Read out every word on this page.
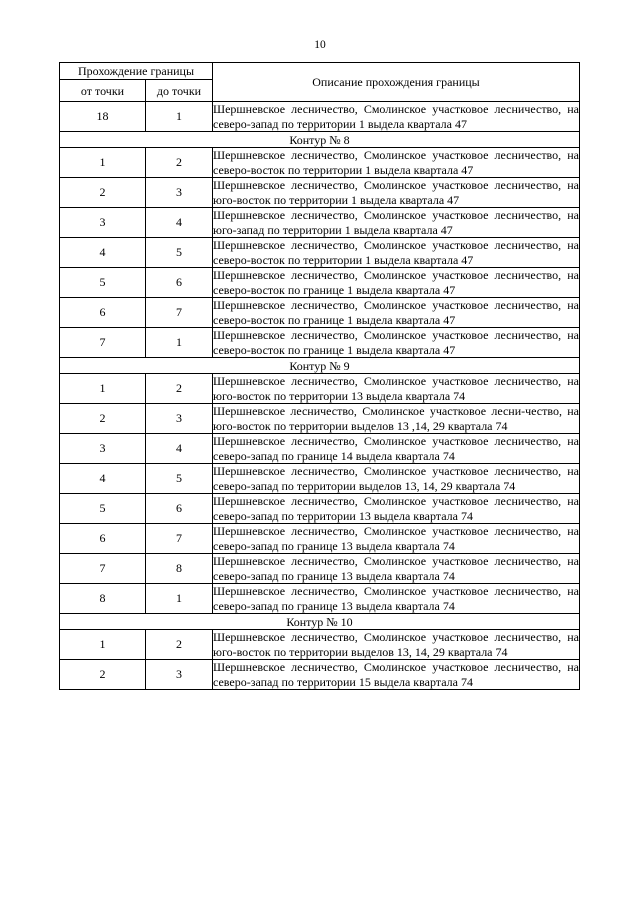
10
Прохождение границы		Описание прохождения границы
от точки	до точки	
18	1	Шершневское лесничество, Смолинское участковое лесничество, на северо-запад по территории 1 выдела квартала 47
Контур № 8		
1	2	Шершневское лесничество, Смолинское участковое лесничество, на северо-восток по территории 1 выдела квартала 47
2	3	Шершневское лесничество, Смолинское участковое лесничество, на юго-восток по территории 1 выдела квартала 47
3	4	Шершневское лесничество, Смолинское участковое лесничество, на юго-запад по территории 1 выдела квартала 47
4	5	Шершневское лесничество, Смолинское участковое лесничество, на северо-восток по территории 1 выдела квартала 47
5	6	Шершневское лесничество, Смолинское участковое лесничество, на северо-восток по границе 1 выдела квартала 47
6	7	Шершневское лесничество, Смолинское участковое лесничество, на северо-восток по границе 1 выдела квартала 47
7	1	Шершневское лесничество, Смолинское участковое лесничество, на северо-восток по границе 1 выдела квартала 47
Контур № 9		
1	2	Шершневское лесничество, Смолинское участковое лесничество, на юго-восток по территории 13 выдела квартала 74
2	3	Шершневское лесничество, Смолинское участковое лесни-чество, на юго-восток по территории выделов 13 ,14, 29 квартала 74
3	4	Шершневское лесничество, Смолинское участковое лесничество, на северо-запад по границе 14 выдела квартала 74
4	5	Шершневское лесничество, Смолинское участковое лесничество, на северо-запад по территории выделов 13, 14, 29 квартала 74
5	6	Шершневское лесничество, Смолинское участковое лесничество, на северо-запад по территории 13 выдела квартала 74
6	7	Шершневское лесничество, Смолинское участковое лесничество, на северо-запад по границе 13 выдела квартала 74
7	8	Шершневское лесничество, Смолинское участковое лесничество, на северо-запад по границе 13 выдела квартала 74
8	1	Шершневское лесничество, Смолинское участковое лесничество, на северо-запад по границе 13 выдела квартала 74
Контур № 10		
1	2	Шершневское лесничество, Смолинское участковое лесничество, на юго-восток по территории выделов 13, 14, 29 квартала 74
2	3	Шершневское лесничество, Смолинское участковое лесничество, на северо-запад по территории 15 выдела квартала 74
